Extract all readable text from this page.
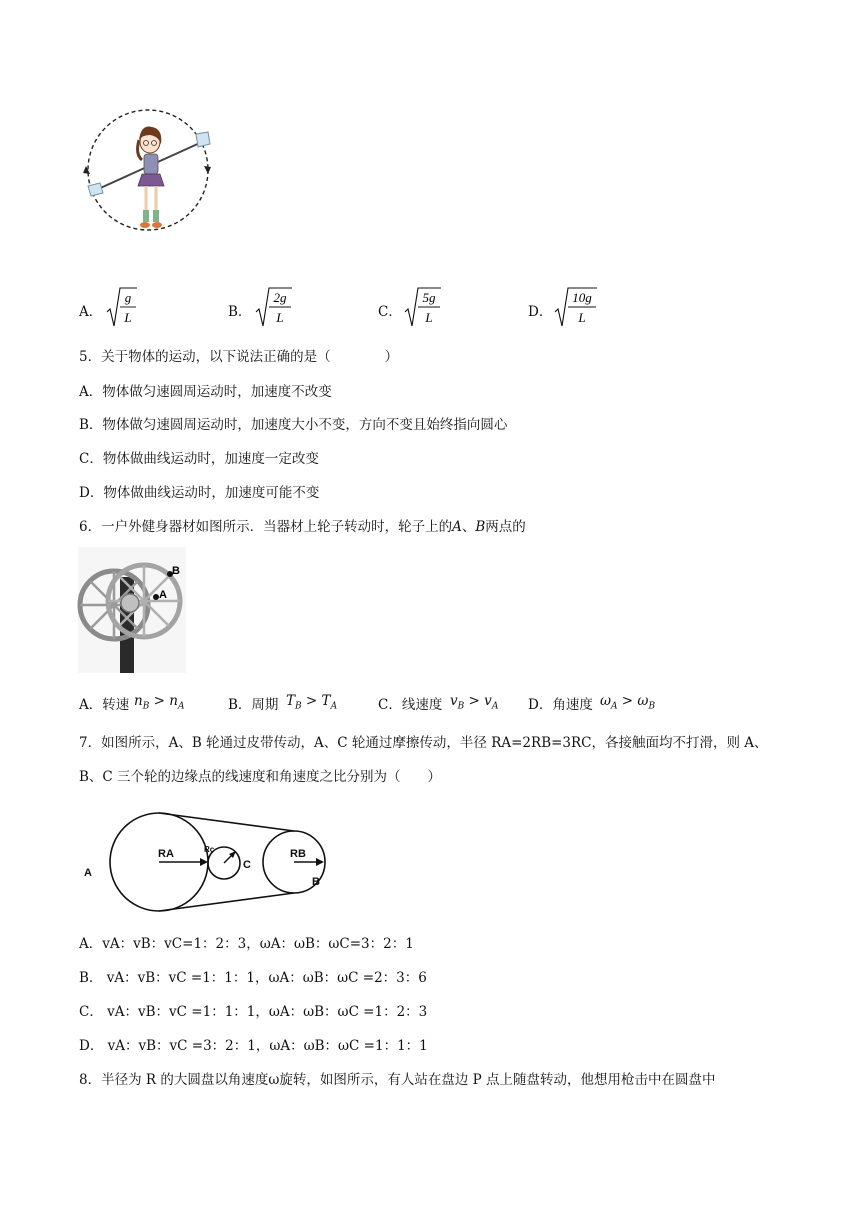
A．
g
L	B．
2g
L	C．
5g
L	D．
10g
L
5．关于物体的运动，以下说法正确的是（　　　　）
A．物体做匀速圆周运动时，加速度不改变
B．物体做匀速圆周运动时，加速度大小不变，方向不变且始终指向圆心
C．物体做曲线运动时，加速度一定改变
D．物体做曲线运动时，加速度可能不变
6．一户外健身器材如图所示．当器材上轮子转动时，轮子上的A、B两点的
B
A
A．转速 $n_B > n_A$	B．周期 $T_B > T_A$	C．线速度 $v_B > v_A$ D．角速度 $\omega_A > \omega_B$
7．如图所示，A、B 轮通过皮带传动，A、C 轮通过摩擦传动，半径 RA=2RB=3RC，各接触面均不打滑，则 A、
B、C 三个轮的边缘点的线速度和角速度之比分别为（　　）
A
RA	Rc
C
RB
B
A．vA：vB：vC=1：2：3，ωA：ωB：ωC=3：2：1
B． vA：vB：vC =1：1：1，ωA：ωB：ωC =2：3：6
C． vA：vB：vC =1：1：1，ωA：ωB：ωC =1：2：3
D． vA：vB：vC =3：2：1，ωA：ωB：ωC =1：1：1
8．半径为 R 的大圆盘以角速度ω旋转，如图所示，有人站在盘边 P 点上随盘转动，他想用枪击中在圆盘中
